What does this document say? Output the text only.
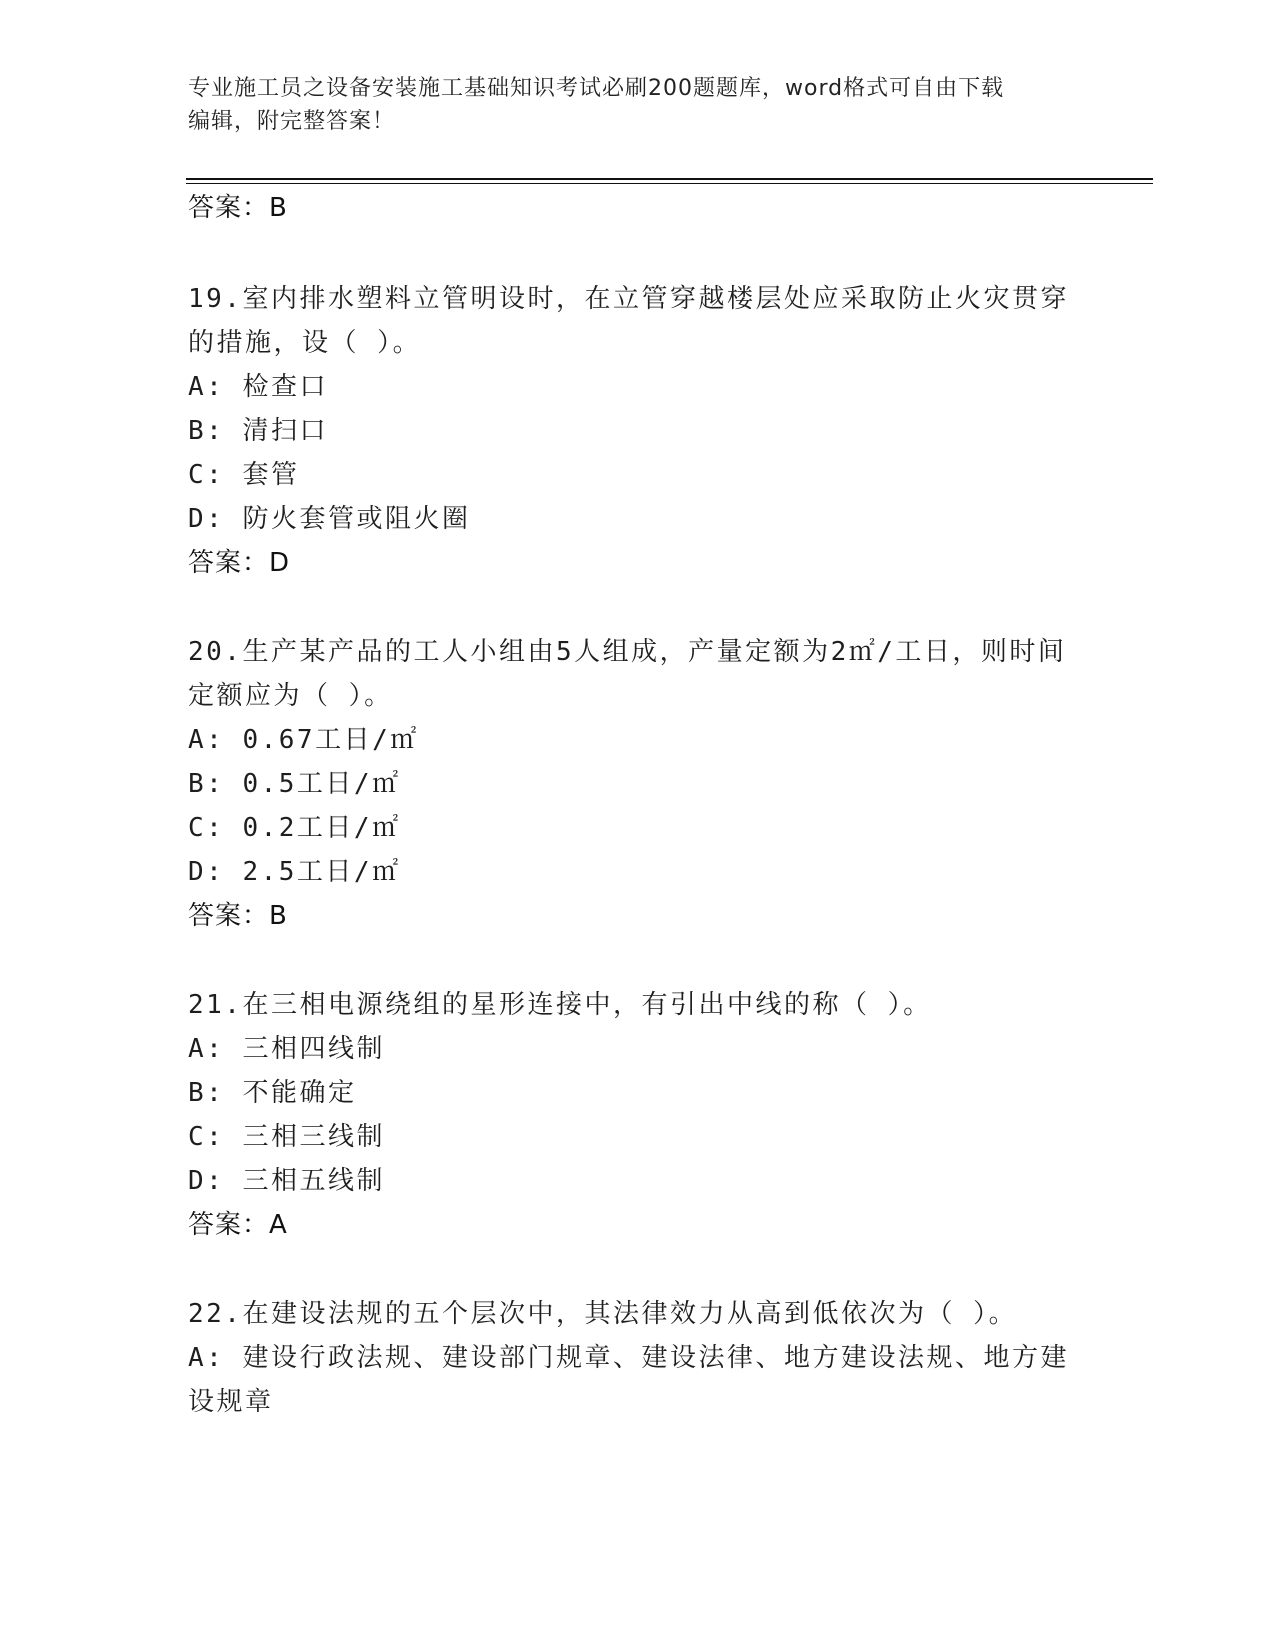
专业施工员之设备安装施工基础知识考试必刷200题题库，word格式可自由下载
编辑，附完整答案！
答案：B
19.室内排水塑料立管明设时，在立管穿越楼层处应采取防止火灾贯穿
的措施，设（ ）。
A: 检查口
B: 清扫口
C: 套管
D: 防火套管或阻火圈
答案：D
20.生产某产品的工人小组由5人组成，产量定额为2㎡/工日，则时间
定额应为（ ）。
A: 0.67工日/㎡
B: 0.5工日/㎡
C: 0.2工日/㎡
D: 2.5工日/㎡
答案：B
21.在三相电源绕组的星形连接中，有引出中线的称（ ）。
A: 三相四线制
B: 不能确定
C: 三相三线制
D: 三相五线制
答案：A
22.在建设法规的五个层次中，其法律效力从高到低依次为（ ）。
A: 建设行政法规、建设部门规章、建设法律、地方建设法规、地方建
设规章
